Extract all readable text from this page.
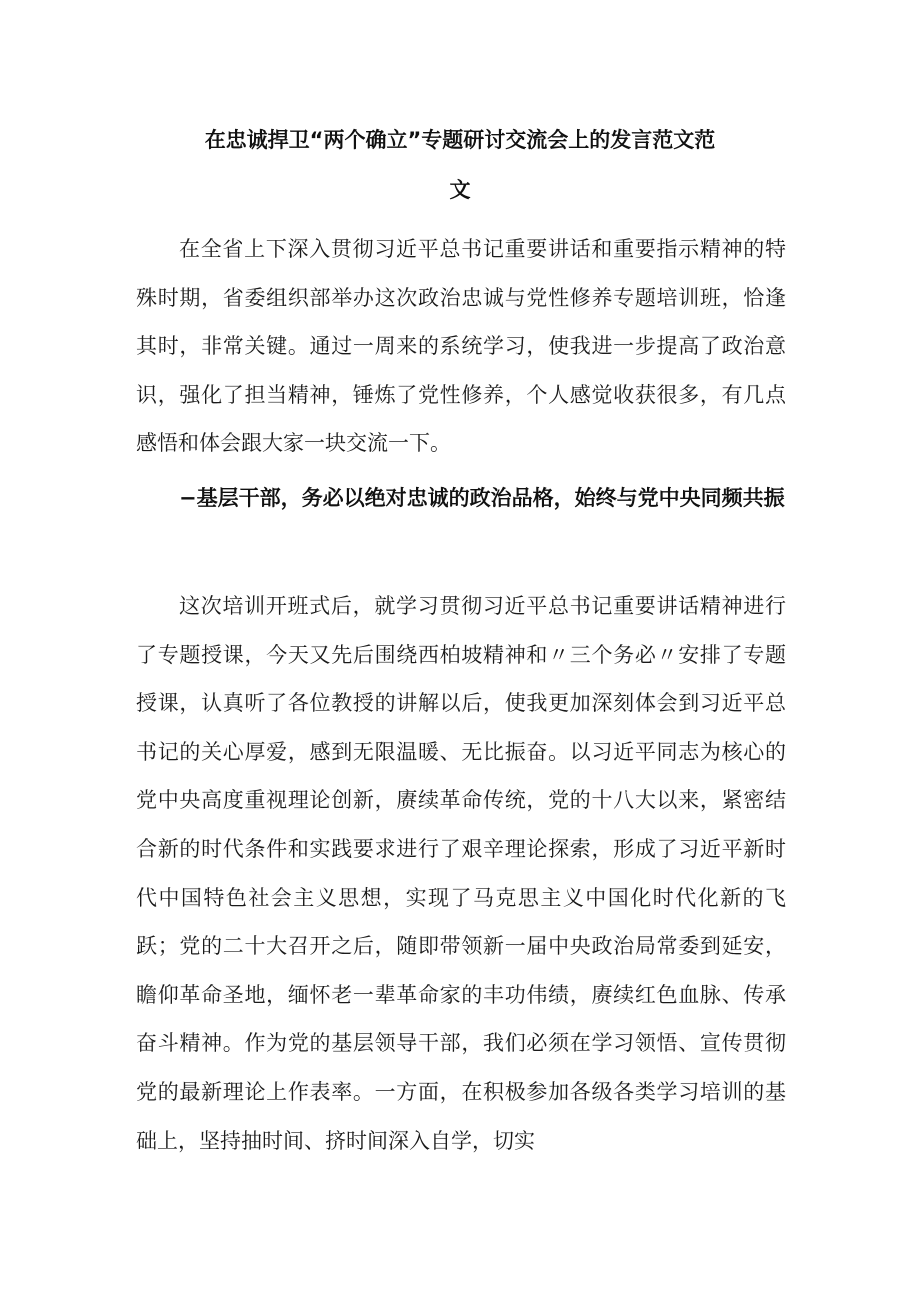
在忠诚捍卫“两个确立”专题研讨交流会上的发言范文范
文

在全省上下深入贯彻习近平总书记重要讲话和重要指示精神的特殊时期，省委组织部举办这次政治忠诚与党性修养专题培训班，恰逢其时，非常关键。通过一周来的系统学习，使我进一步提高了政治意识，强化了担当精神，锤炼了党性修养，个人感觉收获很多，有几点感悟和体会跟大家一块交流一下。

−基层干部，务必以绝对忠诚的政治品格，始终与党中央同频共振

这次培训开班式后，就学习贯彻习近平总书记重要讲话精神进行了专题授课，今天又先后围绕西柏坡精神和〃三个务必〃安排了专题授课，认真听了各位教授的讲解以后，使我更加深刻体会到习近平总书记的关心厚爱，感到无限温暖、无比振奋。以习近平同志为核心的党中央高度重视理论创新，赓续革命传统，党的十八大以来，紧密结合新的时代条件和实践要求进行了艰辛理论探索，形成了习近平新时代中国特色社会主义思想，实现了马克思主义中国化时代化新的飞跃；党的二十大召开之后，随即带领新一届中央政治局常委到延安，瞻仰革命圣地，缅怀老一辈革命家的丰功伟绩，赓续红色血脉、传承奋斗精神。作为党的基层领导干部，我们必须在学习领悟、宣传贯彻党的最新理论上作表率。一方面，在积极参加各级各类学习培训的基础上，坚持抽时间、挤时间深入自学，切实
